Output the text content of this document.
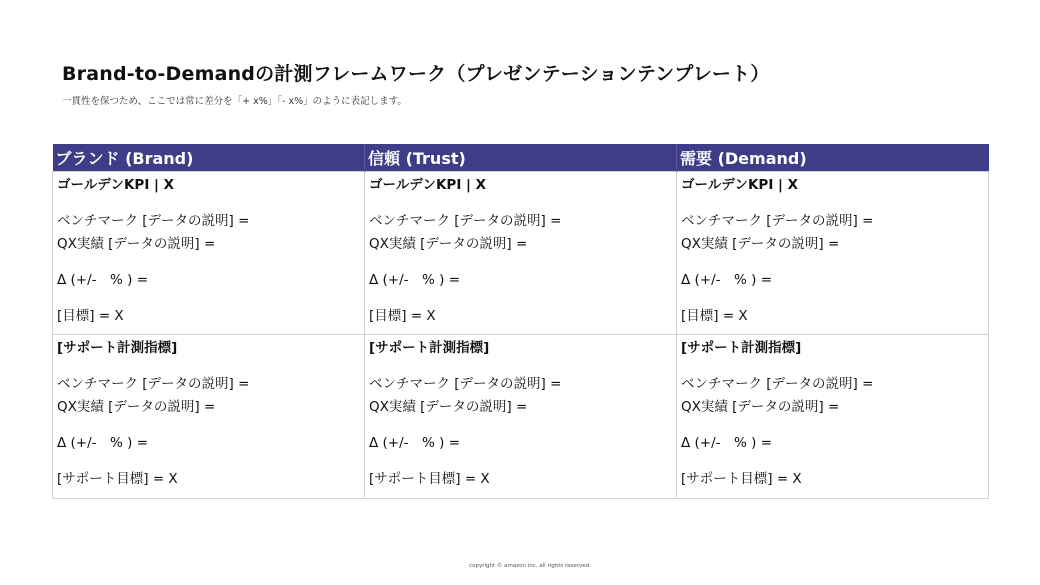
Brand-to-Demandの計測フレームワーク（プレゼンテーションテンプレート）
一貫性を保つため、ここでは常に差分を「+ x%」「- x%」のように表記します。
ブランド (Brand)	信頼 (Trust)	需要 (Demand)

ゴールデンKPI | X
ベンチマーク [データの説明] =
QX実績 [データの説明] =
Δ (+/-　% ) =
[目標] = X	ゴールデンKPI | X
ベンチマーク [データの説明] =
QX実績 [データの説明] =
Δ (+/-　% ) =
[目標] = X	ゴールデンKPI | X
ベンチマーク [データの説明] =
QX実績 [データの説明] =
Δ (+/-　% ) =
[目標] = X

[サポート計測指標]
ベンチマーク [データの説明] =
QX実績 [データの説明] =
Δ (+/-　% ) =
[サポート目標] = X	[サポート計測指標]
ベンチマーク [データの説明] =
QX実績 [データの説明] =
Δ (+/-　% ) =
[サポート目標] = X	[サポート計測指標]
ベンチマーク [データの説明] =
QX実績 [データの説明] =
Δ (+/-　% ) =
[サポート目標] = X
copyright © amazon inc. all rights reserved.
